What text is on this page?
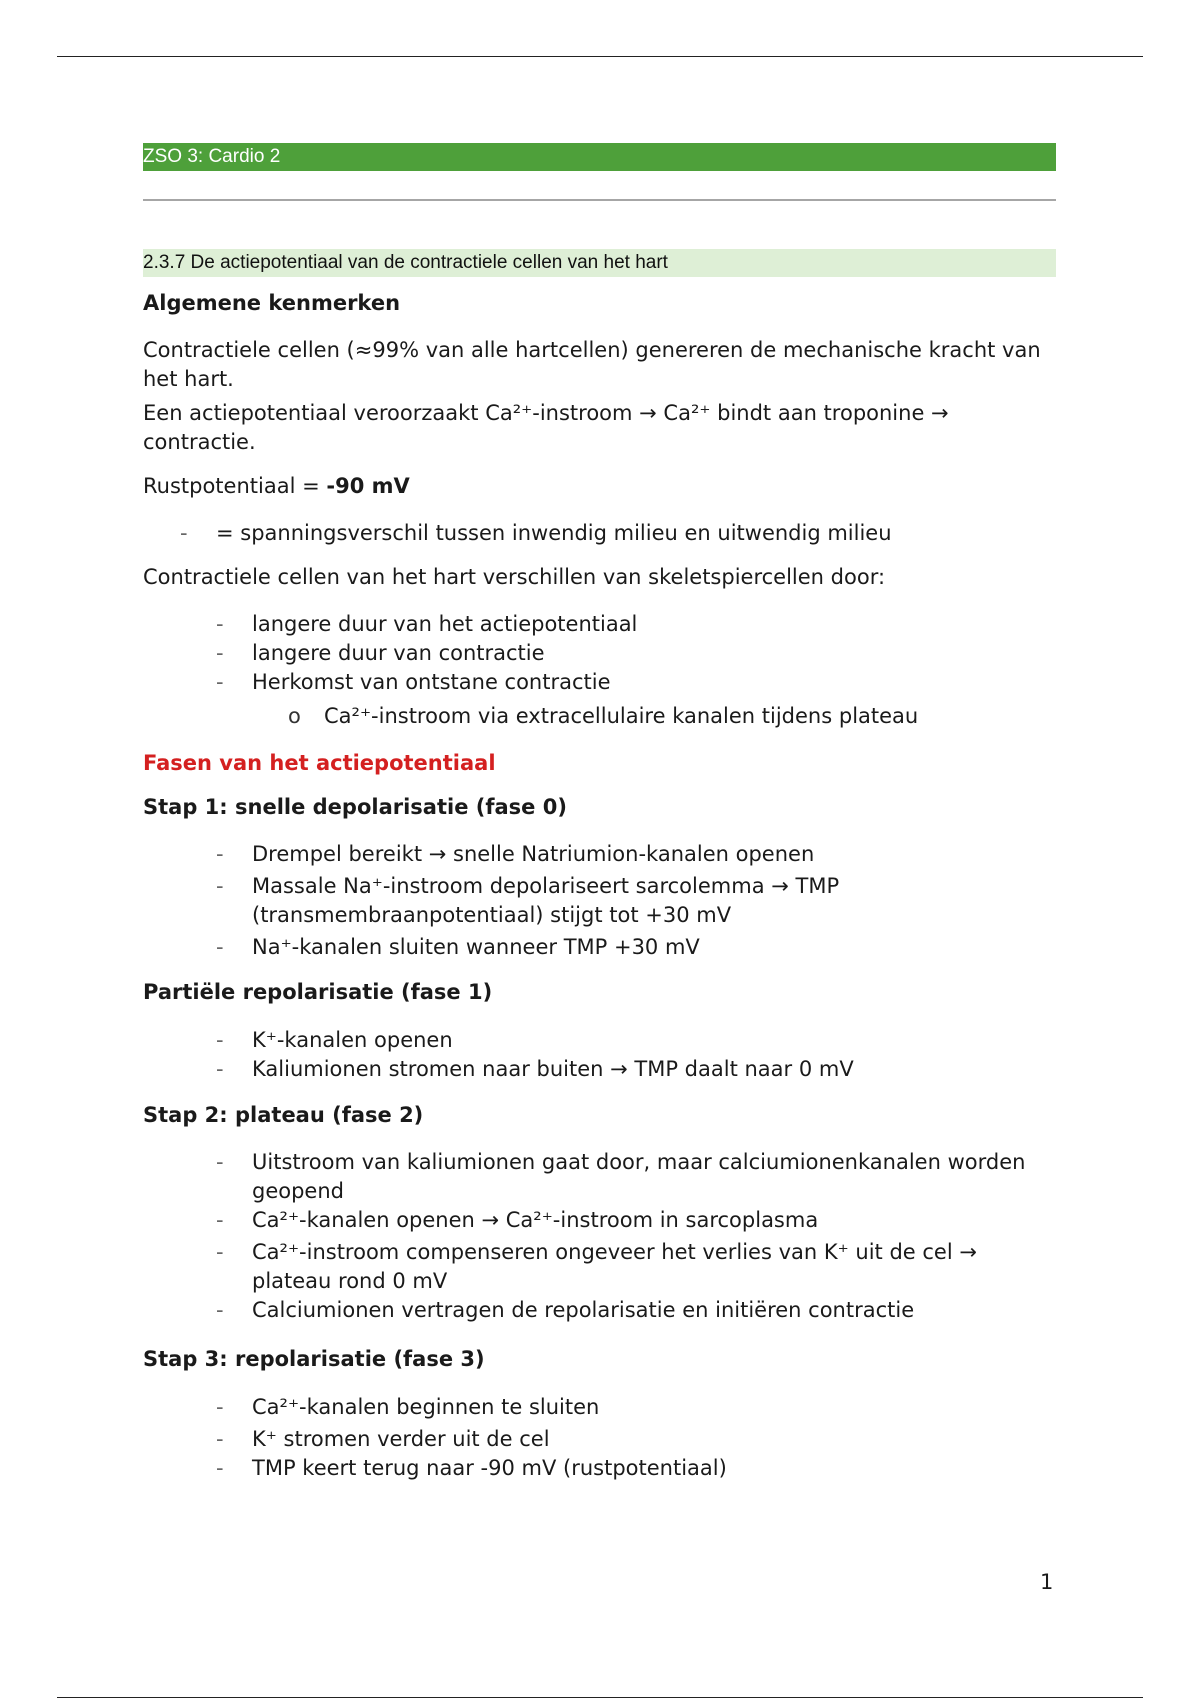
ZSO 3: Cardio 2
2.3.7 De actiepotentiaal van de contractiele cellen van het hart

Algemene kenmerken

Contractiele cellen (≈99% van alle hartcellen) genereren de mechanische kracht van het hart.

Een actiepotentiaal veroorzaakt Ca²⁺-instroom → Ca²⁺ bindt aan troponine → contractie.

Rustpotentiaal = -90 mV

- = spanningsverschil tussen inwendig milieu en uitwendig milieu

Contractiele cellen van het hart verschillen van skeletspiercellen door:

- langere duur van het actiepotentiaal
- langere duur van contractie
- Herkomst van ontstane contractie
o Ca²⁺-instroom via extracellulaire kanalen tijdens plateau

Fasen van het actiepotentiaal

Stap 1: snelle depolarisatie (fase 0)

- Drempel bereikt → snelle Natriumion-kanalen openen
- Massale Na⁺-instroom depolariseert sarcolemma → TMP (transmembraanpotentiaal) stijgt tot +30 mV
- Na⁺-kanalen sluiten wanneer TMP +30 mV

Partiële repolarisatie (fase 1)

- K⁺-kanalen openen
- Kaliumionen stromen naar buiten → TMP daalt naar 0 mV

Stap 2: plateau (fase 2)

- Uitstroom van kaliumionen gaat door, maar calciumionenkanalen worden geopend
- Ca²⁺-kanalen openen → Ca²⁺-instroom in sarcoplasma
- Ca²⁺-instroom compenseren ongeveer het verlies van K⁺ uit de cel → plateau rond 0 mV
- Calciumionen vertragen de repolarisatie en initiëren contractie

Stap 3: repolarisatie (fase 3)

- Ca²⁺-kanalen beginnen te sluiten
- K⁺ stromen verder uit de cel
- TMP keert terug naar -90 mV (rustpotentiaal)
1
